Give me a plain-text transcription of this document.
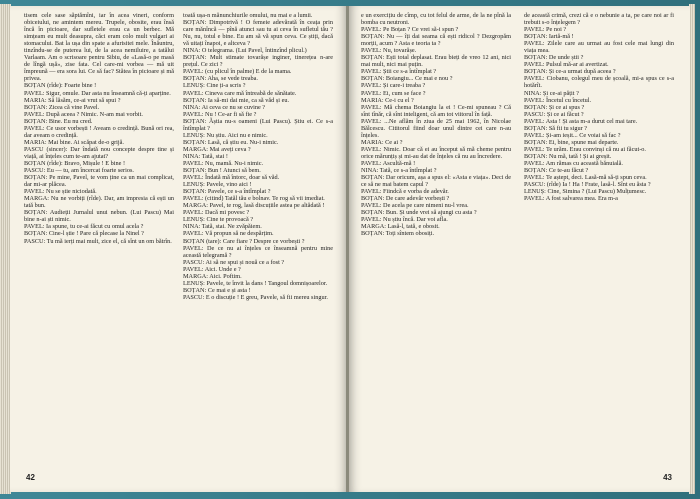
tisem cele sase săptămîni, iar în acea vineri, conform obiceiului, ne amintem mereu. Trupele, obosite, erau însă încă în picioare, dar sufletele erau ca un berbec. Mă simțeam eu mult deasupra, căci eram colo mult vulgari ai stomacului. Bat la ușa din spate a afurisitei mele. Înăuntru, tinzîndu-se de puterea lui, de la acea nemiluire, a tatălui Varlaam. Am o scrisoare pentru Sibiu, de «Lasă-o pe masă de lîngă ușă», zise fata. Cel care-mi vorbea — mă uit împreună — era sora lui. Ce să fac? Stătea în picioare și mă privea.

BOȚAN (rîde): Foarte bine !

PAVEL: Sigur, omule. Dar asta nu înseamnă că-ți aparține.

MARIA: Să lăsăm, ce-ai vrut să spui ?

BOȚAN: Zicea că vine Pavel.

PAVEL: După aceea ? Nimic. N-am mai vorbit.

BOȚAN: Bine. Eu nu cred.

PAVEL: Ce usor vorbești ! Aveam o credință. Bună ori rea, dar aveam o credință.

MARIA: Mai bine. Ai scăpat de-o grijă.

PASCU (sincer): Dar îndată nou concepte despre tine și viață, ai înțeles cum te-am ajutat?

BOȚAN (rîde): Bravo, Mișule ! E bine !

PASCU: Eu — tu, am încercat foarte serios.

BOȚAN: Pe mine, Pavel, te vom ține ca un mai complicat, dar mi-ar plăcea.

PAVEL: Nu se știe niciodată.

MARGA: Nu ne vorbiți (rîde). Dar, am impresia că ești un tată bun.

BOȚAN: Audieții Jurnalul unui nebun. (Lui Pascu) Mai bine n-ai ști nimic.

PAVEL: Ia spune, tu ce-ai făcut cu omul acela ?

BOȚAN: Cine-l știe ! Pare că plecase la Ninel ?

PASCU: Tu mă ierți mai mult, zice el, că sînt un om bătrîn.

toată ușa-n mănunchiurile omului, nu mai e a lumii.

BOȚAN: Dimpotrivă ! O femeie adevărată în ceața prin care mănîncă — pînă atunci sau tu ai ceva în sufletul tău ? Nu, nu, totul e bine. Eu am să vă spun ceva. Ce știți, dacă vă uitați înapoi, e altceva ?

NINA: O telegrama. (Lui Pavel, întinzînd plicul.)

BOȚAN: Mult stimate tovarășe inginer, tinerețea n-are prețul. Ce zici ?

PAVEL: (cu plicul în palme) E de la mama.

BOȚAN: Aha, se vede treaba.

LENUȘ: Cine ți-a scris ?

PAVEL: Cineva care mă întreabă de sănătate.

BOȚAN: Ia să-mi dai mie, ca să văd și eu.

NINA: Ai ceva ce nu se cuvine ?

PAVEL: Nu ! Ce-ar fi să fie ?

BOȚAN: Ăștia nu-s oameni (Lui Pascu). Știu ei. Ce s-a întîmplat ?

LENUȘ: Nu știu. Aici nu e nimic.

BOȚAN: Lasă, că știu eu. Nu-i nimic.

MARGA: Mai aveți ceva ?

NINA: Tată, stai !

PAVEL: Nu, mamă. Nu-i nimic.

BOȚAN: Bun ! Atunci să bem.

PAVEL: Îndată mă întorc, doar să văd.

LENUȘ: Pavele, vino aici !

BOȚAN: Pavele, ce s-a întîmplat ?

PAVEL: (citind) Tatăl tău e bolnav. Te rog să vii imediat.

MARGA: Pavel, te rog, lasă discuțiile astea pe altădată !

PAVEL: Dacă mi povesc ?

LENUȘ: Cine te provoacă ?

NINA: Tată, stai. Ne zvăpăiem.

PAVEL: Vă propun să ne despărțim.

BOȚAN (tare): Care fiare ? Despre ce vorbești ?

PAVEL: De ce nu ai înțeles ce înseamnă pentru mine această telegramă ?

PASCU: Ai să ne spui și nouă ce a fost ?

PAVEL: Aici. Unde e ?

MARGA: Aici. Poftim.

LENUȘ: Pavele, te învit la dans ! Tangoul domnișoarelor.

BOȚAN: Ce mai e și asta !

PASCU: E o discuție ! E greu, Pavele, să fii mereu singur.

42

e un exercițiu de cîmp, cu tot felul de arme, de la ne pînă la bomba cu neutroni.

PAVEL: Pe Boțan ? Ce vrei să-i spun ?

BOȚAN: Nu — îți dai seama că ești ridicol ? Dezgropăm morții, acum ? Asta e teoria ta ?

PAVEL: Nu, tovarășe.

BOȚAN: Ești total deplasat. Erau bieți de vreo 12 ani, nici mai mult, nici mai puțin.

PAVEL: Știi ce s-a întîmplat ?

BOȚAN: Boiangiu... Ce mai e nou ?

PAVEL: Și care-i treaba ?

PAVEL: Ei, cum se face ?

MARIA: Ce-i cu el ?

PAVEL: Mă chema Boiangiu la ei ! Ce-mi spuneau ? Că sînt tînăr, că sînt inteligent, că am tot viitorul în față.

PAVEL: ...Ne aflăm în ziua de 25 mai 1962, în Nicolae Bălcescu. Cititorul fiind doar unul dintre cei care n-au înțeles.

MARIA: Ce ai ?

PAVEL: Nimic. Doar că ei au început să mă cheme pentru orice mărunțiș și mi-au dat de înțeles că nu au încredere.

PAVEL: Ascultă-mă !

NINA: Tată, ce s-a întîmplat ?

BOȚAN: Dar oricum, așa a spus el: «Asta e viața». Deci de ce să ne mai batem capul ?

PAVEL: Fiindcă e vorba de adevăr.

BOȚAN: De care adevăr vorbești ?

PAVEL: De acela pe care nimeni nu-l vrea.

BOȚAN: Bun. Și unde vrei să ajungi cu asta ?

PAVEL: Nu știu încă. Dar voi afla.

MARGA: Lasă-l, tată, e obosit.

BOȚAN: Toți sîntem obosiți.

de această crimă, crezi că e o nebunie a ta, pe care noi ar fi trebuit s-o înțelegem ?

PAVEL: Pe noi ?

BOȚAN: Iartă-mă !

PAVEL: Zilele care au urmat au fost cele mai lungi din viața mea.

BOȚAN: De unde știi ?

PAVEL: Pulsul mă-ar ai avertizat.

BOȚAN: Și ce-a urmat după aceea ?

PAVEL: Ciobanu, colegul meu de școală, mi-a spus ce s-a hotărît.

NINA: Și ce-ai pățit ?

PAVEL: Încetul cu încetul.

BOȚAN: Și ce ai spus ?

PASCU: Și ce ai făcut ?

PAVEL: Asta ! Și asta m-a durut cel mai tare.

BOȚAN: Să fii tu sigur ?

PAVEL: Și-am ieșit... Ce voiai să fac ?

BOȚAN: Ei, bine, spune mai departe.

PAVEL: Te urăm. Erau convinși că nu ai făcut-o.

BOȚAN: Nu mă, tată ! Și ai greșit.

PAVEL: Am rămas cu această bănuială.

BOȚAN: Ce te-au făcut ?

PAVEL: Te aștept, deci. Lasă-mă să-ți spun ceva.

PASCU: (rîde) Ia ! Ha ! Frate, lasă-l. Sînt eu ăsta ?

LENUȘ: Cine, Simina ? (Lui Pascu) Mulțumesc.

PAVEL: A fost salvarea mea. Era m-a

43
